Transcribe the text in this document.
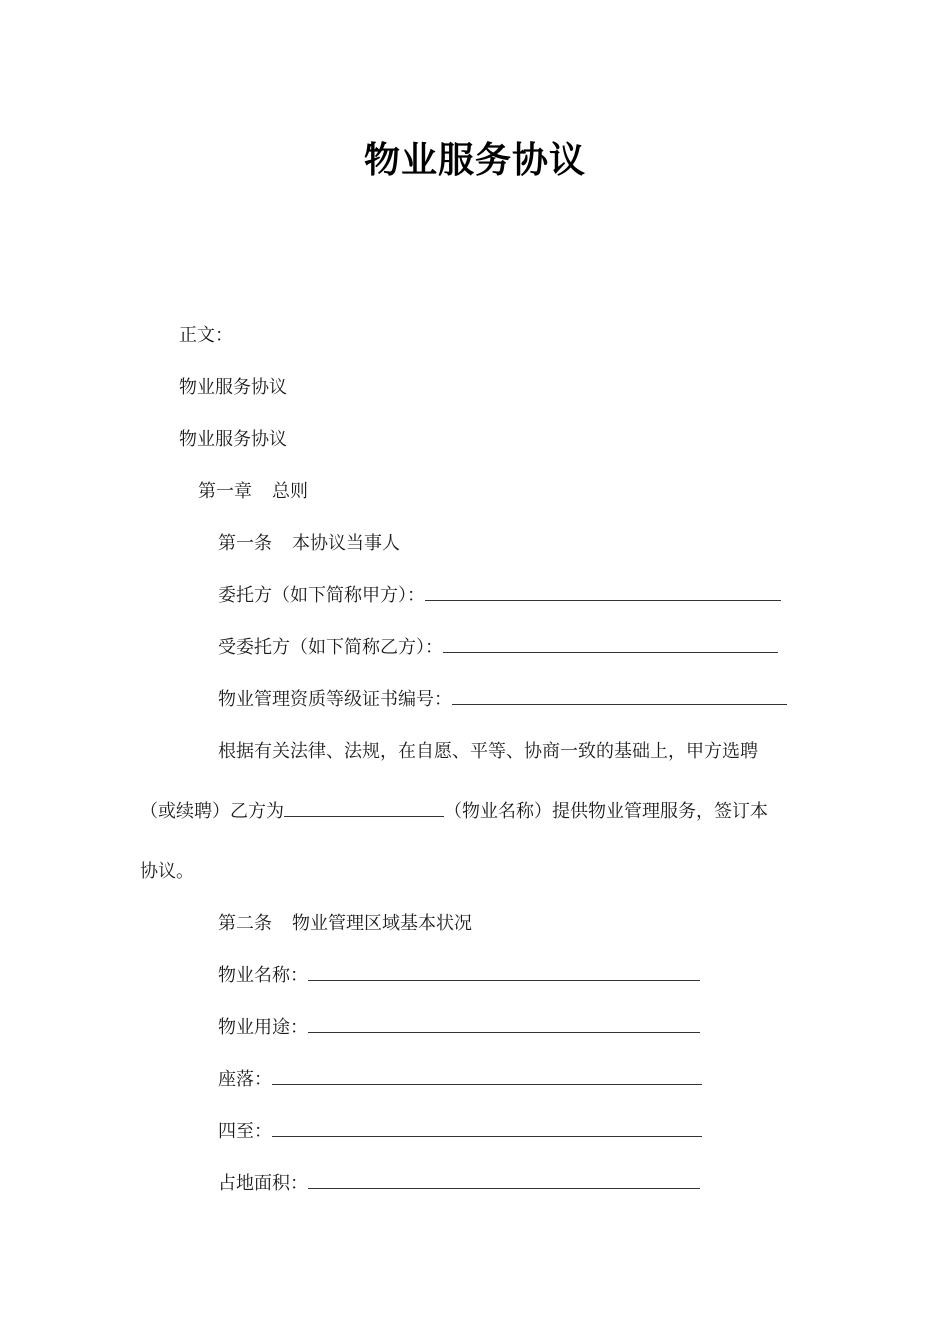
物业服务协议
正文：
物业服务协议
物业服务协议
第一章 总则
第一条 本协议当事人
委托方（如下简称甲方）：
受委托方（如下简称乙方）：
物业管理资质等级证书编号：
根据有关法律、法规，在自愿、平等、协商一致的基础上，甲方选聘
（或续聘）乙方为	（物业名称）提供物业管理服务，签订本
协议。
第二条 物业管理区域基本状况
物业名称：
物业用途：
座落：
四至：
占地面积：
